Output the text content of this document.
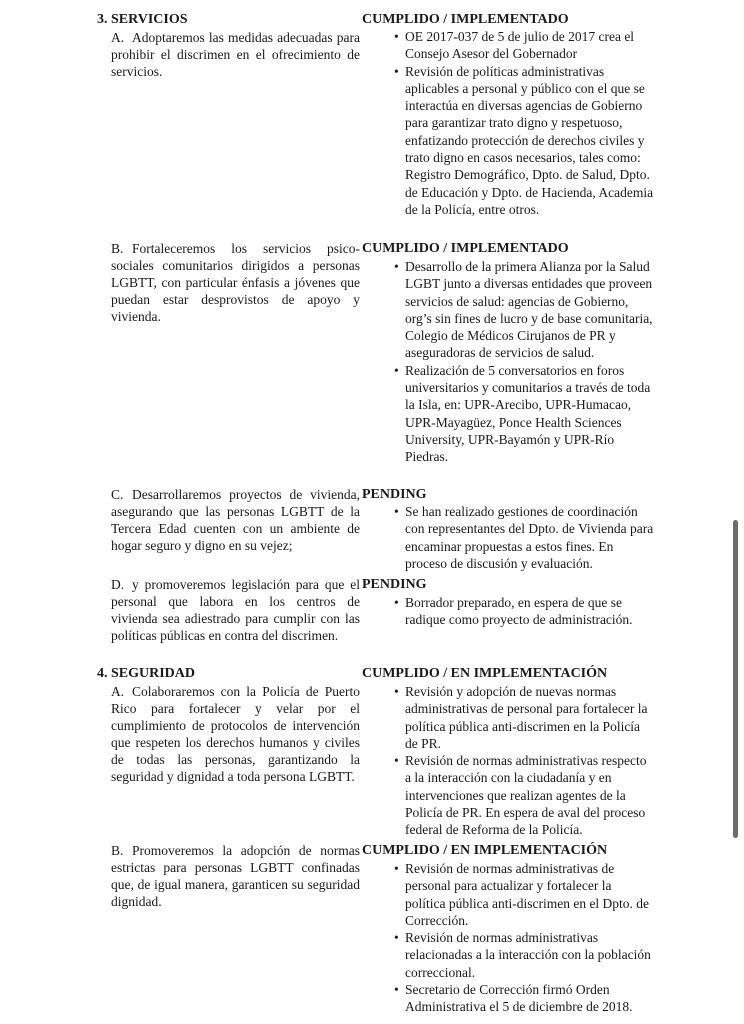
3. SERVICIOS	CUMPLIDO / IMPLEMENTADO
A. Adoptaremos las medidas adecuadas para prohibir el discrimen en el ofrecimiento de servicios.
• OE 2017-037 de 5 de julio de 2017 crea el Consejo Asesor del Gobernador
• Revisión de políticas administrativas aplicables a personal y público con el que se interactúa en diversas agencias de Gobierno para garantizar trato digno y respetuoso, enfatizando protección de derechos civiles y trato digno en casos necesarios, tales como: Registro Demográfico, Dpto. de Salud, Dpto. de Educación y Dpto. de Hacienda, Academia de la Policía, entre otros.
CUMPLIDO / IMPLEMENTADO
B. Fortaleceremos los servicios psico-sociales comunitarios dirigidos a personas LGBTT, con particular énfasis a jóvenes que puedan estar desprovistos de apoyo y vivienda.
• Desarrollo de la primera Alianza por la Salud LGBT junto a diversas entidades que proveen servicios de salud: agencias de Gobierno, org’s sin fines de lucro y de base comunitaria, Colegio de Médicos Cirujanos de PR y aseguradoras de servicios de salud.
• Realización de 5 conversatorios en foros universitarios y comunitarios a través de toda la Isla, en: UPR-Arecibo, UPR-Humacao, UPR-Mayagüez, Ponce Health Sciences University, UPR-Bayamón y UPR-Río Piedras.
PENDING
C. Desarrollaremos proyectos de vivienda, asegurando que las personas LGBTT de la Tercera Edad cuenten con un ambiente de hogar seguro y digno en su vejez;
• Se han realizado gestiones de coordinación con representantes del Dpto. de Vivienda para encaminar propuestas a estos fines. En proceso de discusión y evaluación.
PENDING
D. y promoveremos legislación para que el personal que labora en los centros de vivienda sea adiestrado para cumplir con las políticas públicas en contra del discrimen.
• Borrador preparado, en espera de que se radique como proyecto de administración.
4. SEGURIDAD	CUMPLIDO / EN IMPLEMENTACIÓN
A. Colaboraremos con la Policía de Puerto Rico para fortalecer y velar por el cumplimiento de protocolos de intervención que respeten los derechos humanos y civiles de todas las personas, garantizando la seguridad y dignidad a toda persona LGBTT.
• Revisión y adopción de nuevas normas administrativas de personal para fortalecer la política pública anti-discrimen en la Policía de PR.
• Revisión de normas administrativas respecto a la interacción con la ciudadanía y en intervenciones que realizan agentes de la Policía de PR. En espera de aval del proceso federal de Reforma de la Policía.
CUMPLIDO / EN IMPLEMENTACIÓN
B. Promoveremos la adopción de normas estrictas para personas LGBTT confinadas que, de igual manera, garanticen su seguridad dignidad.
• Revisión de normas administrativas de personal para actualizar y fortalecer la política pública anti-discrimen en el Dpto. de Corrección.
• Revisión de normas administrativas relacionadas a la interacción con la población correccional.
• Secretario de Corrección firmó Orden Administrativa el 5 de diciembre de 2018.
